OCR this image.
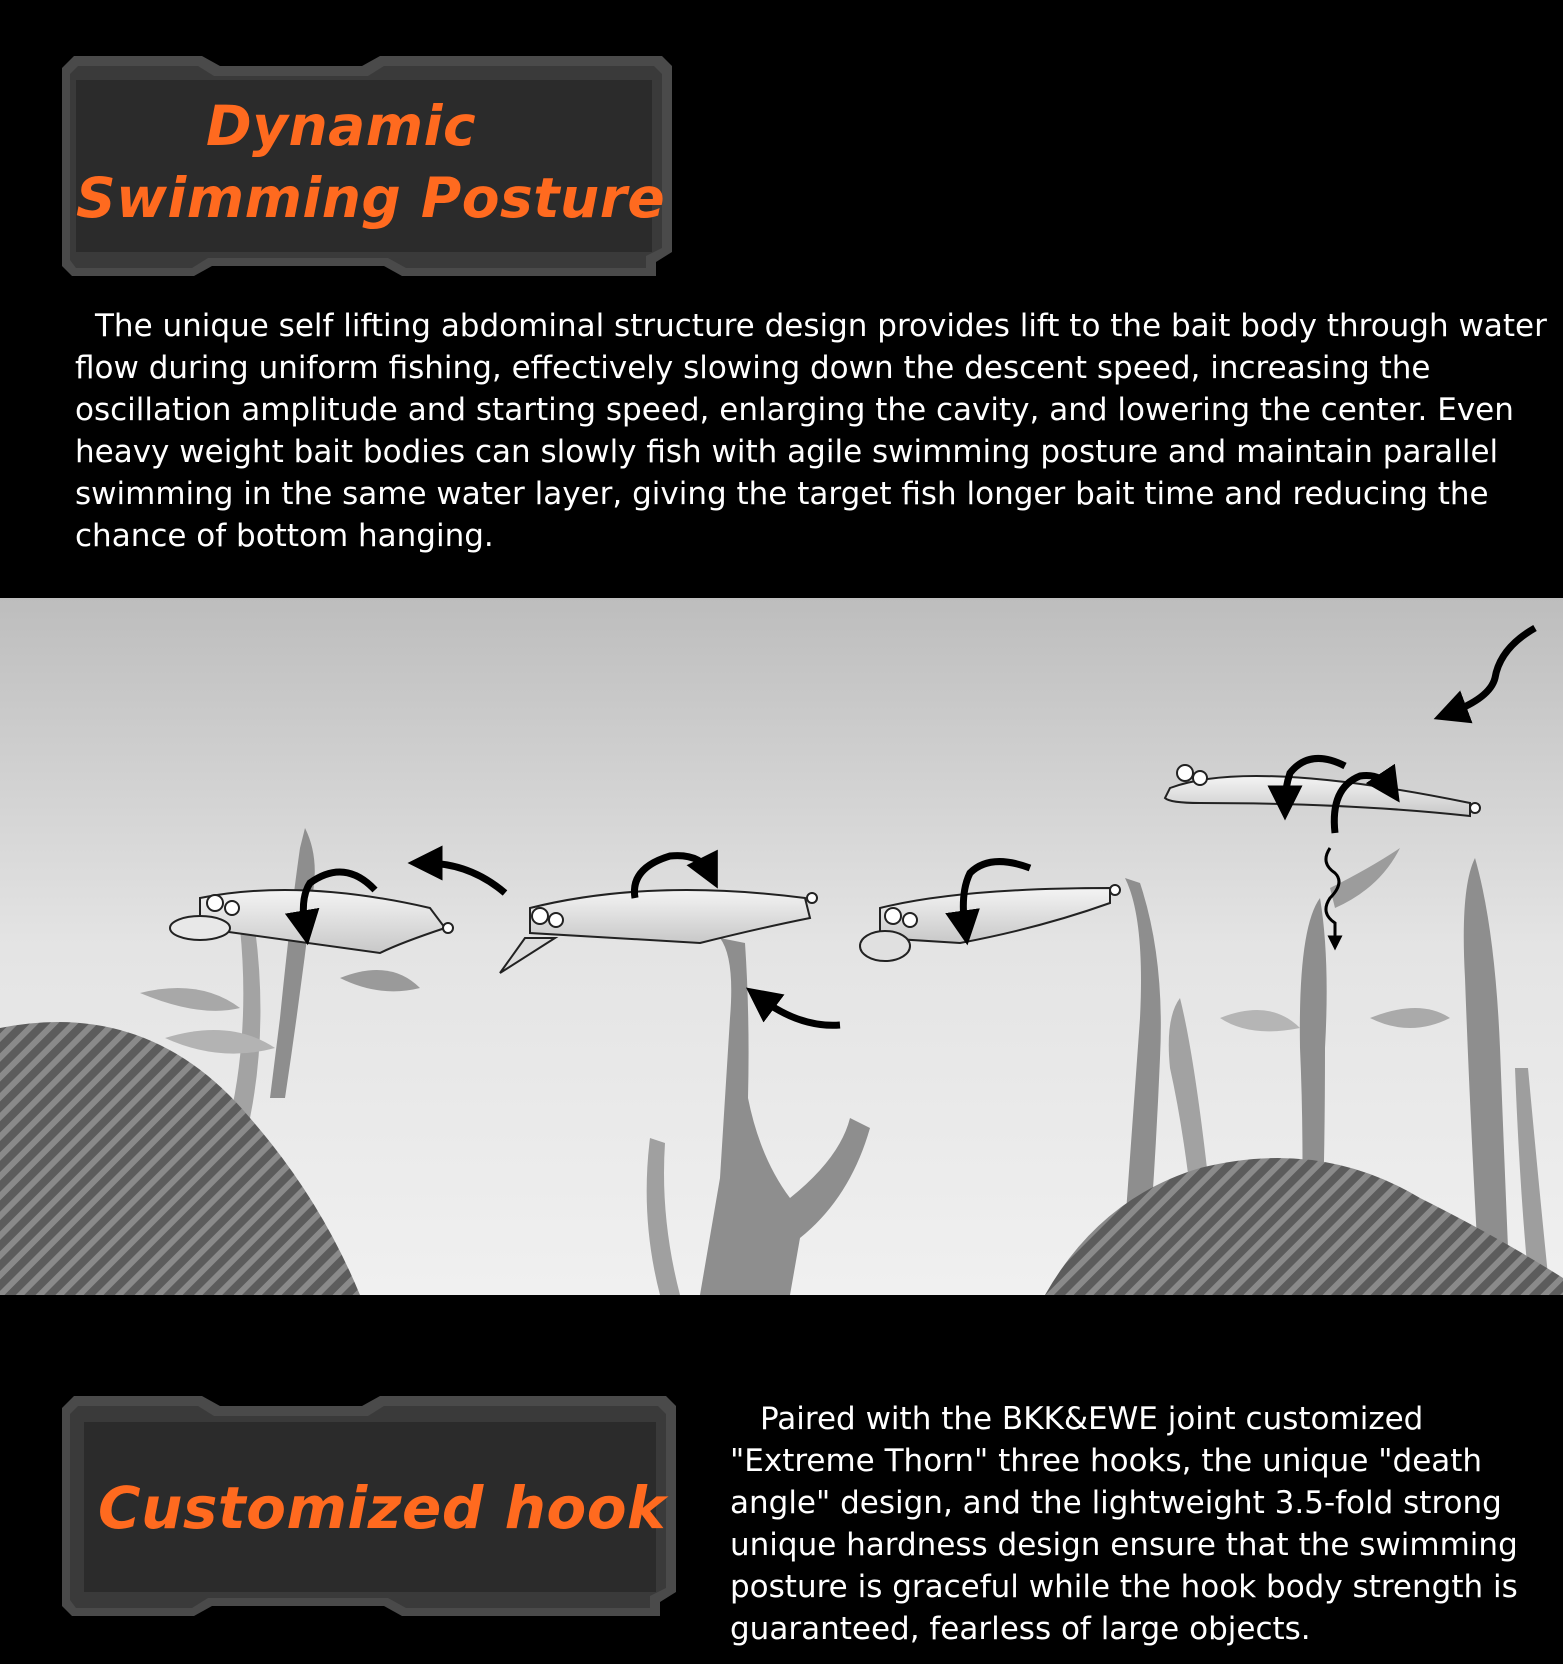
Dynamic
Swimming Posture
The unique self lifting abdominal structure design provides lift to the bait body through water flow during uniform fishing, effectively slowing down the descent speed, increasing the oscillation amplitude and starting speed, enlarging the cavity, and lowering the center. Even heavy weight bait bodies can slowly fish with agile swimming posture and maintain parallel swimming in the same water layer, giving the target fish longer bait time and reducing the chance of bottom hanging.
Customized hook
Paired with the BKK&EWE joint customized "Extreme Thorn" three hooks, the unique "death angle" design, and the lightweight 3.5-fold strong unique hardness design ensure that the swimming posture is graceful while the hook body strength is guaranteed, fearless of large objects.
